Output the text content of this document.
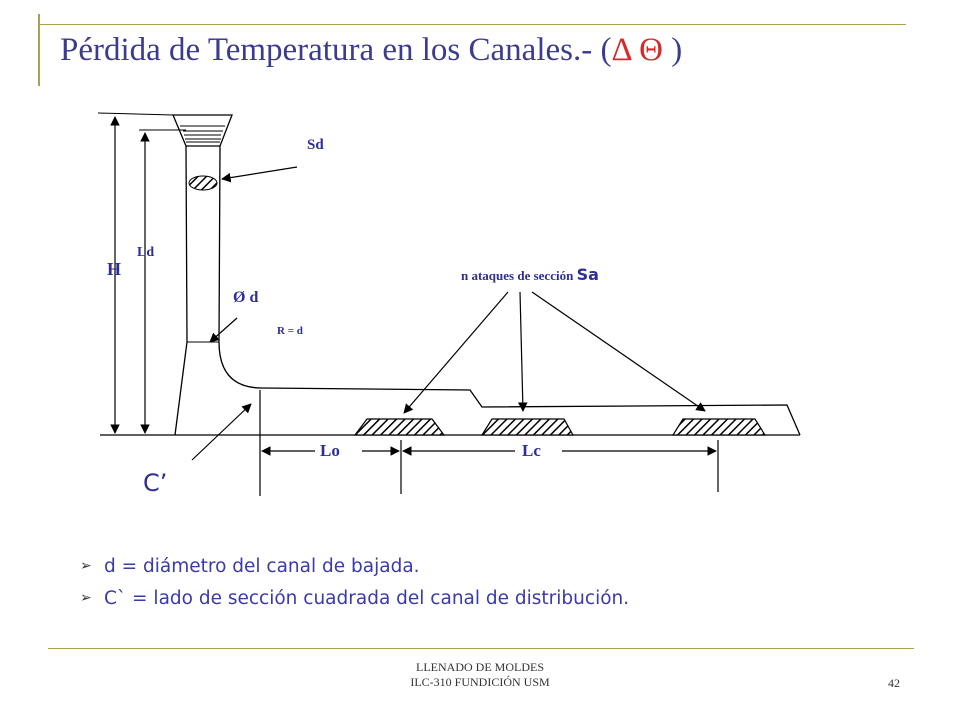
Pérdida de Temperatura en los Canales.- (Δ Θ )
Sd
Ld
H
Ø d
R = d
n ataques de sección Sa
Lo	Lc
C’
➢ d = diámetro del canal de bajada.
➢ C` = lado de sección cuadrada del canal de distribución.
LLENADO DE MOLDES
ILC-310 FUNDICIÓN USM	42
